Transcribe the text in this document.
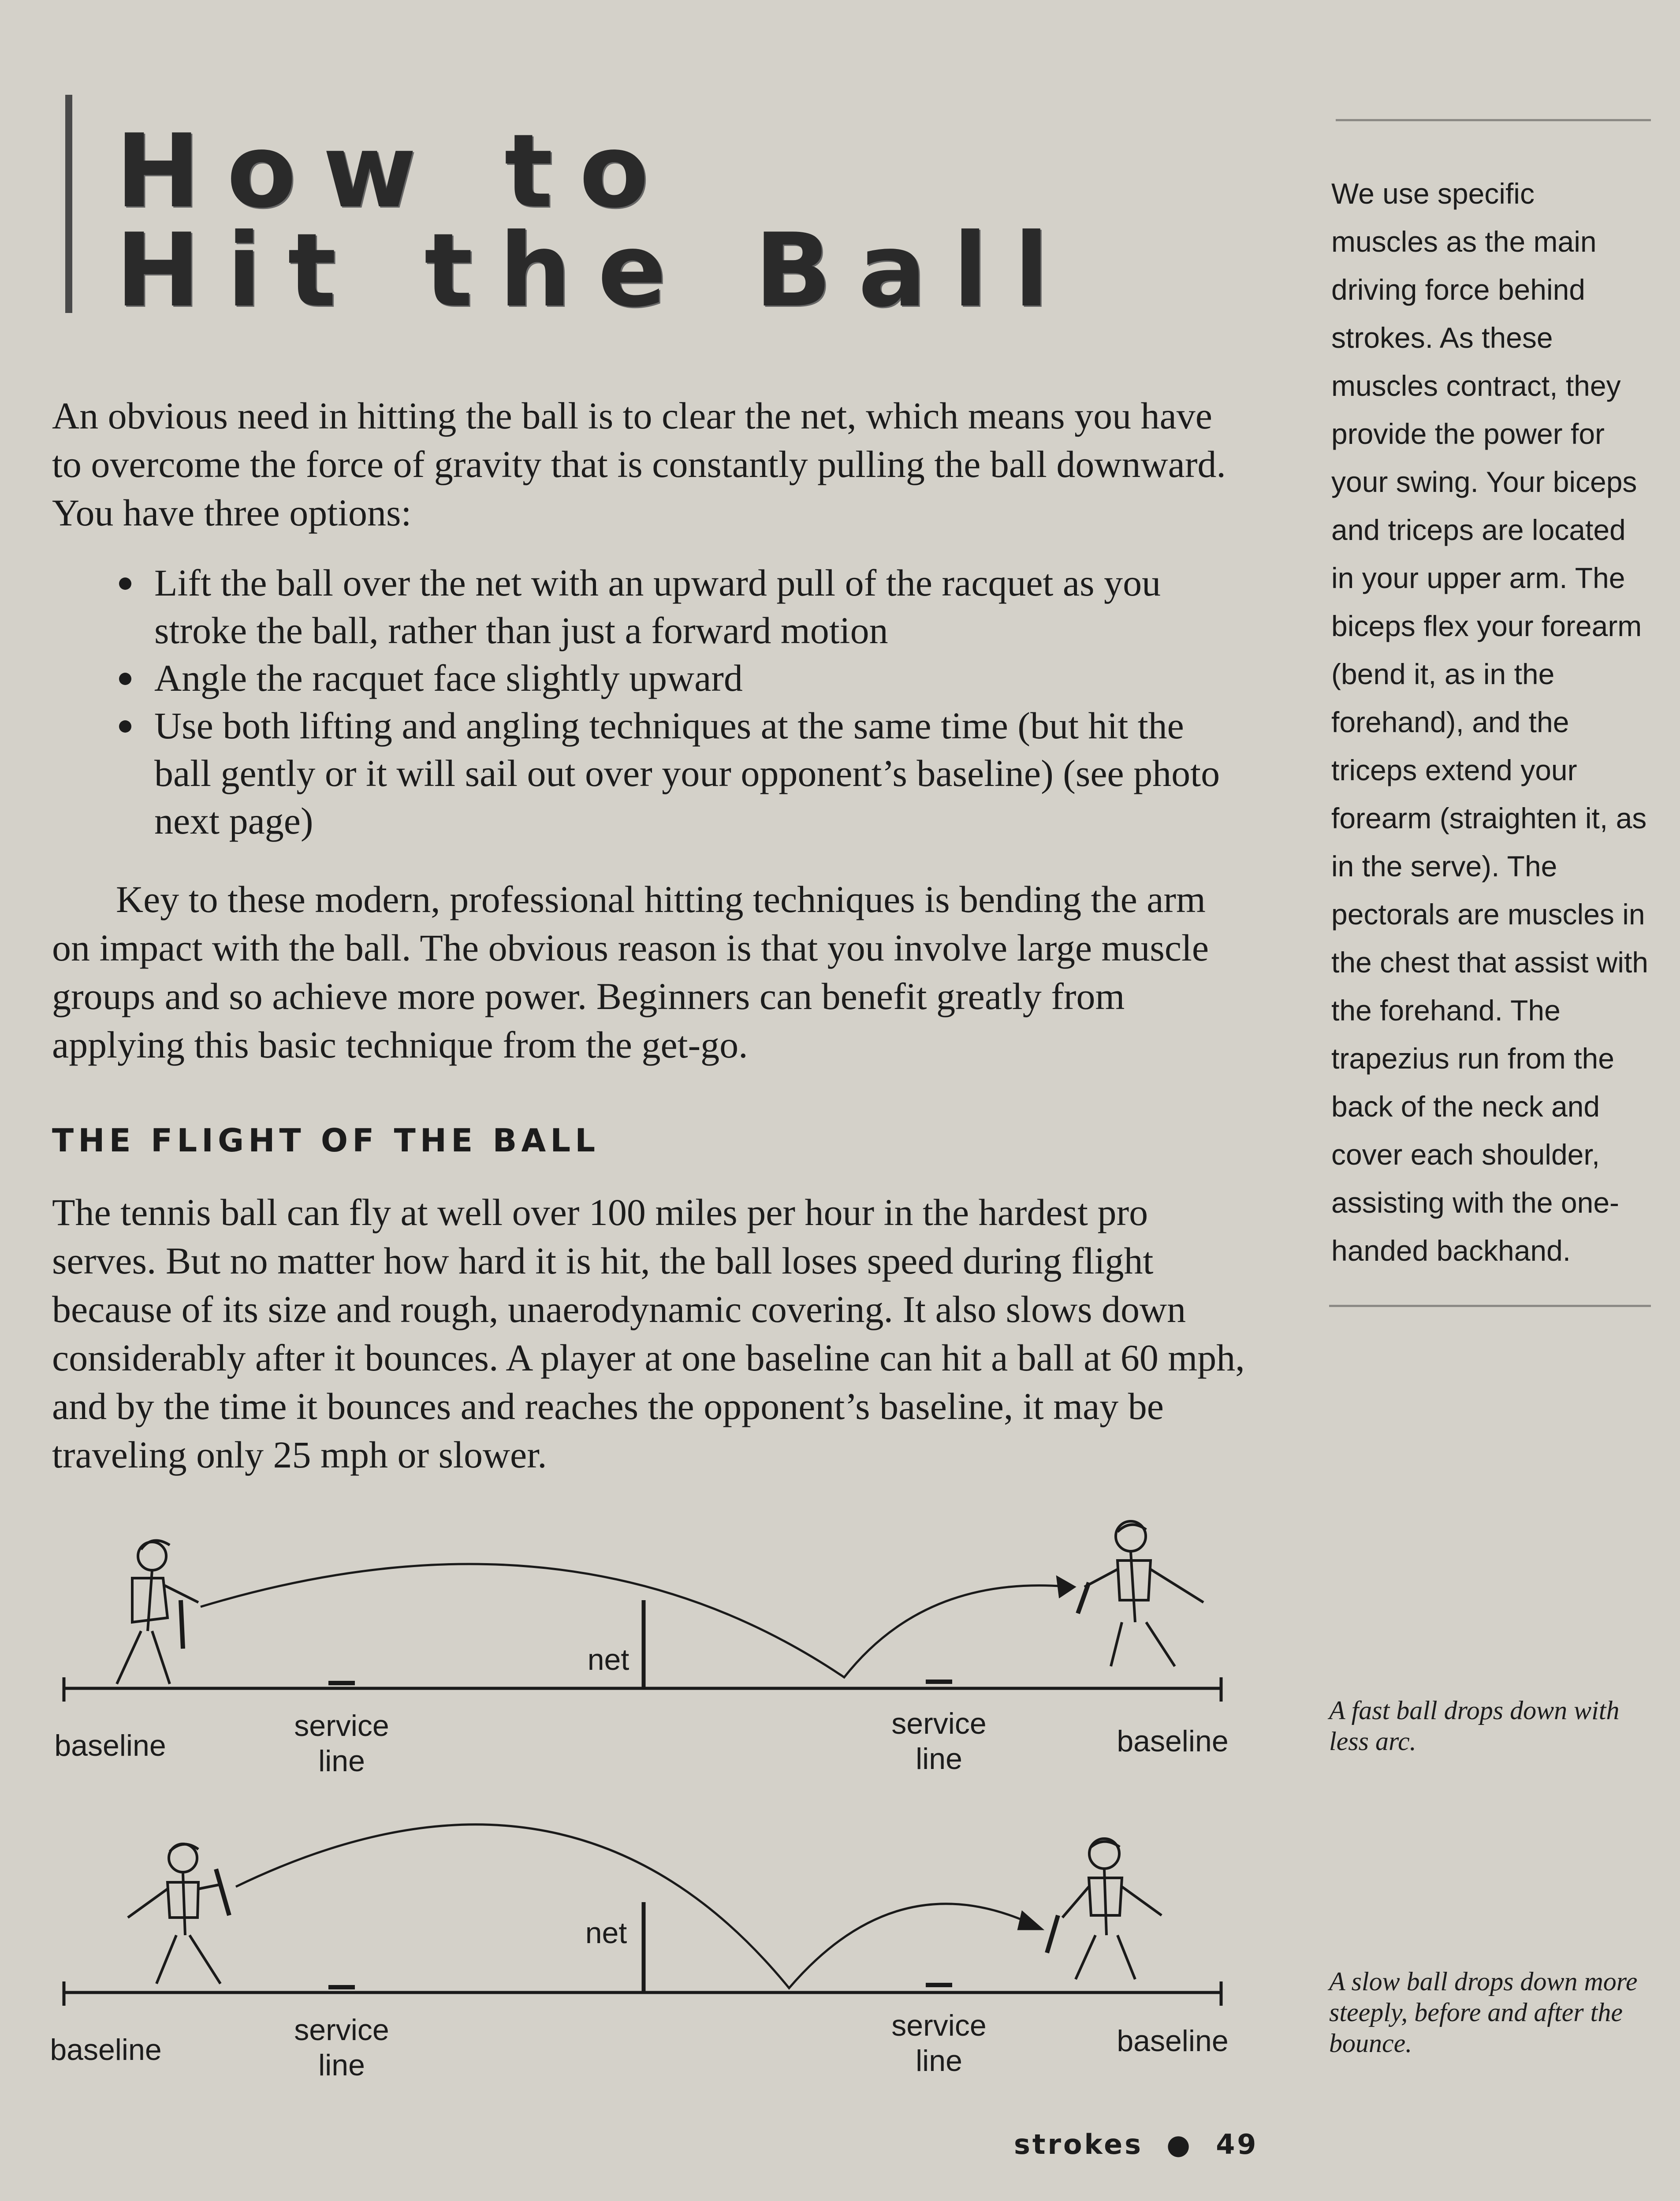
How to
Hit the Ball

An obvious need in hitting the ball is to clear the net, which means you have to overcome the force of gravity that is constantly pulling the ball downward. You have three options:

Lift the ball over the net with an upward pull of the racquet as you stroke the ball, rather than just a forward motion
Angle the racquet face slightly upward
Use both lifting and angling techniques at the same time (but hit the ball gently or it will sail out over your opponent’s baseline) (see photo next page)

Key to these modern, professional hitting techniques is bending the arm on impact with the ball. The obvious reason is that you involve large muscle groups and so achieve more power. Beginners can benefit greatly from applying this basic technique from the get-go.

THE FLIGHT OF THE BALL

The tennis ball can fly at well over 100 miles per hour in the hardest pro serves. But no matter how hard it is hit, the ball loses speed during flight because of its size and rough, unaerodynamic covering. It also slows down considerably after it bounces. A player at one baseline can hit a ball at 60 mph, and by the time it bounces and reaches the opponent’s baseline, it may be traveling only 25 mph or slower.

We use specific muscles as the main driving force behind strokes. As these muscles contract, they provide the power for your swing. Your biceps and triceps are located in your upper arm. The biceps flex your forearm (bend it, as in the forehand), and the triceps extend your forearm (straighten it, as in the serve). The pectorals are muscles in the chest that assist with the forehand. The trapezius run from the back of the neck and cover each shoulder, assisting with the one-handed backhand.

baseline
service
line
net
service
line
baseline
baseline
service
line
net
service
line
baseline

A fast ball drops down with less arc.

A slow ball drops down more steeply, before and after the bounce.

strokes  ●  49
